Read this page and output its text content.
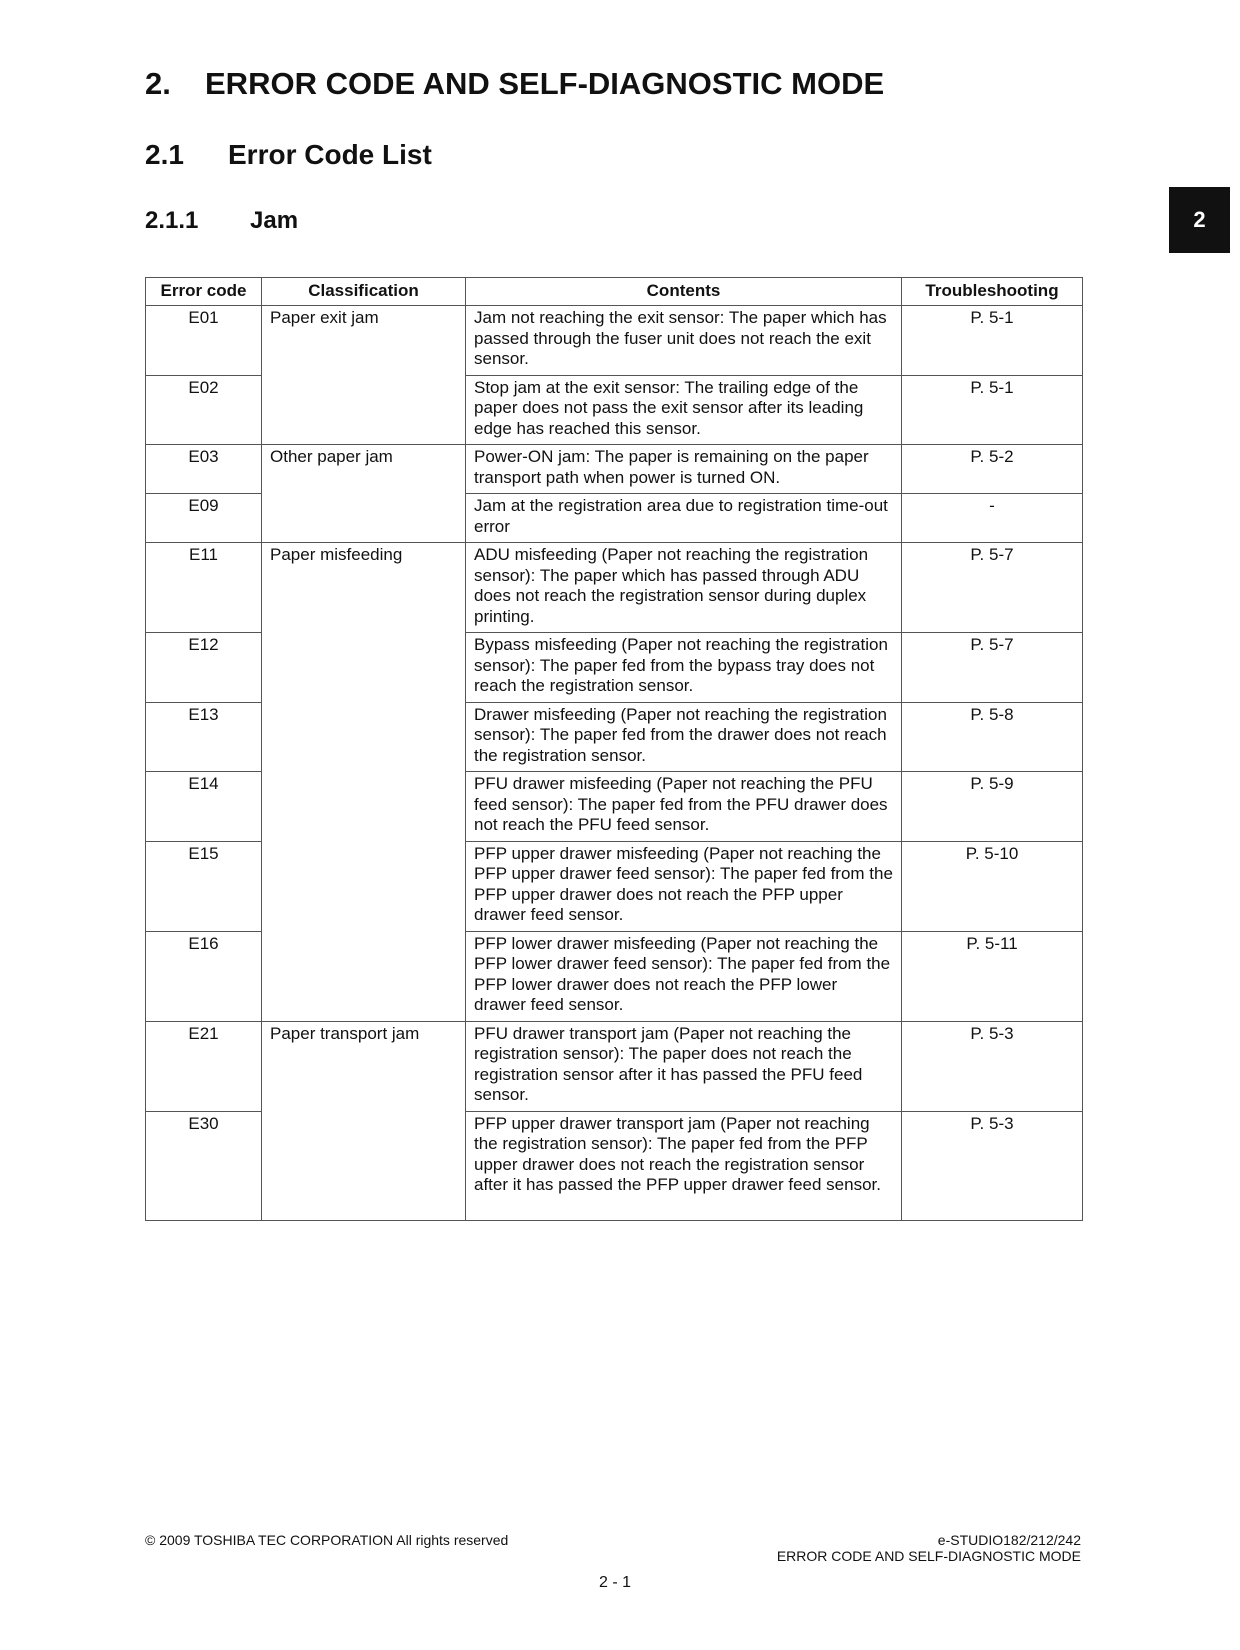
2. ERROR CODE AND SELF-DIAGNOSTIC MODE
2.1 Error Code List
2.1.1 Jam	2
Error code	Classification	Contents	Troubleshooting
E01	Paper exit jam	Jam not reaching the exit sensor: The paper which has passed through the fuser unit does not reach the exit sensor.	P. 5-1
E02		Stop jam at the exit sensor: The trailing edge of the paper does not pass the exit sensor after its leading edge has reached this sensor.	P. 5-1
E03	Other paper jam	Power-ON jam: The paper is remaining on the paper transport path when power is turned ON.	P. 5-2
E09		Jam at the registration area due to registration time-out error	-
E11	Paper misfeeding	ADU misfeeding (Paper not reaching the registration sensor): The paper which has passed through ADU does not reach the registration sensor during duplex printing.	P. 5-7
E12		Bypass misfeeding (Paper not reaching the registration sensor): The paper fed from the bypass tray does not reach the registration sensor.	P. 5-7
E13		Drawer misfeeding (Paper not reaching the registration sensor): The paper fed from the drawer does not reach the registration sensor.	P. 5-8
E14		PFU drawer misfeeding (Paper not reaching the PFU feed sensor): The paper fed from the PFU drawer does not reach the PFU feed sensor.	P. 5-9
E15		PFP upper drawer misfeeding (Paper not reaching the PFP upper drawer feed sensor): The paper fed from the PFP upper drawer does not reach the PFP upper drawer feed sensor.	P. 5-10
E16		PFP lower drawer misfeeding (Paper not reaching the PFP lower drawer feed sensor): The paper fed from the PFP lower drawer does not reach the PFP lower drawer feed sensor.	P. 5-11
E21	Paper transport jam	PFU drawer transport jam (Paper not reaching the registration sensor): The paper does not reach the registration sensor after it has passed the PFU feed sensor.	P. 5-3
E30		PFP upper drawer transport jam (Paper not reaching the registration sensor): The paper fed from the PFP upper drawer does not reach the registration sensor after it has passed the PFP upper drawer feed sensor.	P. 5-3
© 2009 TOSHIBA TEC CORPORATION All rights reserved	e-STUDIO182/212/242
ERROR CODE AND SELF-DIAGNOSTIC MODE
2 - 1
